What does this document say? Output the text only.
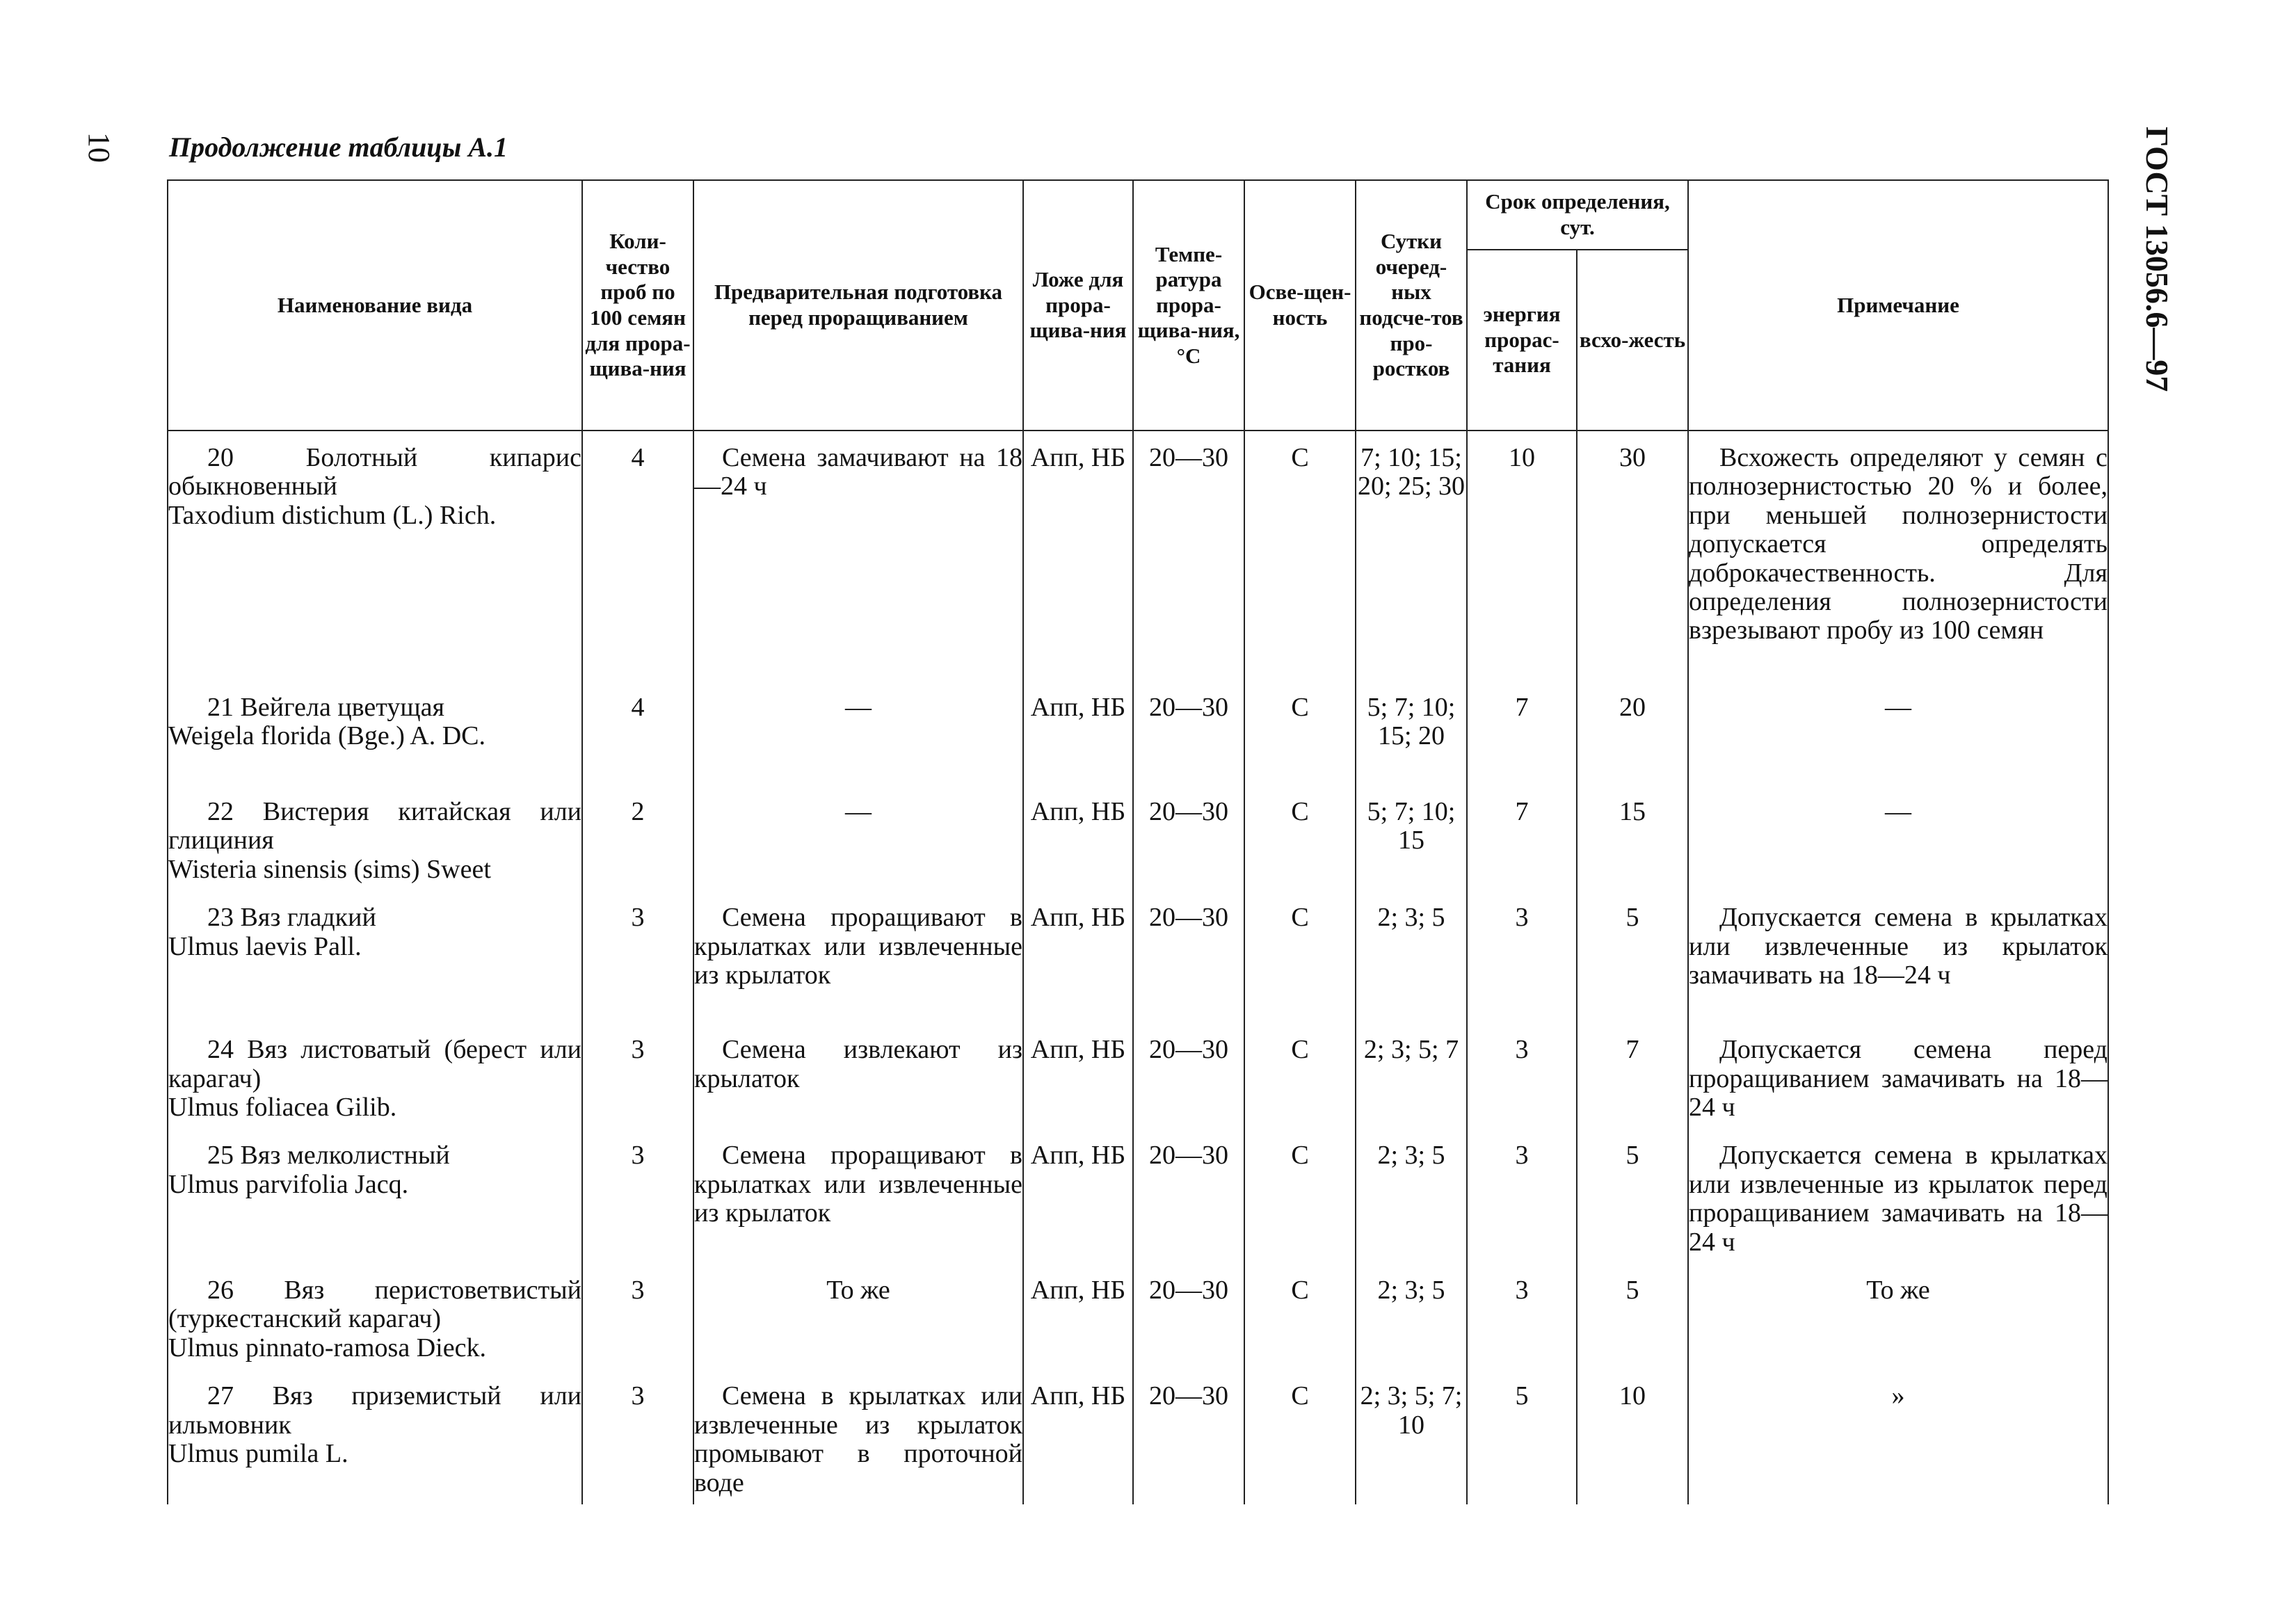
10 Продолжение таблицы А.1	ГОСТ 13056.6—97
Наименование вида	Коли-чество проб по 100 семян для прора-щива-ния	Предварительная подготовка перед проращиванием	Ложе для прора-щива-ния	Темпе-ратура прора-щива-ния, °С	Осве-щен-ность	Сутки очеред-ных подсче-тов про-ростков	Срок определения, сут.		Примечание
							энергия прорас-тания	всхо-жесть	

20 Болотный кипарис обыкновенный
Taxodium distichum (L.) Rich.	4	Семена замачивают на 18—24 ч	Апп, НБ	20—30	С	7; 10; 15; 20; 25; 30	10	30	Всхожесть определяют у семян с полнозернистостью 20 % и более, при меньшей полнозернистости допускается определять доброкачественность. Для определения полнозернистости взрезывают пробу из 100 семян

21 Вейгела цветущая
Weigela florida (Bge.) A. DC.	4	—	Апп, НБ	20—30	С	5; 7; 10; 15; 20	7	20	—

22 Вистерия китайская или глициния
Wisteria sinensis (sims) Sweet	2	—	Апп, НБ	20—30	С	5; 7; 10; 15	7	15	—

23 Вяз гладкий
Ulmus laevis Pall.	3	Семена проращивают в крылатках или извлеченные из крылаток	Апп, НБ	20—30	С	2; 3; 5	3	5	Допускается семена в крылатках или извлеченные из крылаток замачивать на 18—24 ч

24 Вяз листоватый (берест или карагач)
Ulmus foliacea Gilib.	3	Семена извлекают из крылаток	Апп, НБ	20—30	С	2; 3; 5; 7	3	7	Допускается семена перед проращиванием замачивать на 18—24 ч

25 Вяз мелколистный
Ulmus parvifolia Jacq.	3	Семена проращивают в крылатках или извлеченные из крылаток	Апп, НБ	20—30	С	2; 3; 5	3	5	Допускается семена в крылатках или извлеченные из крылаток перед проращиванием замачивать на 18—24 ч

26 Вяз перистоветвистый (туркестанский карагач)
Ulmus pinnato-ramosa Dieck.	3	То же	Апп, НБ	20—30	С	2; 3; 5	3	5	То же

27 Вяз приземистый или ильмовник
Ulmus pumila L.	3	Семена в крылатках или извлеченные из крылаток промывают в проточной воде	Апп, НБ	20—30	С	2; 3; 5; 7; 10	5	10	»
